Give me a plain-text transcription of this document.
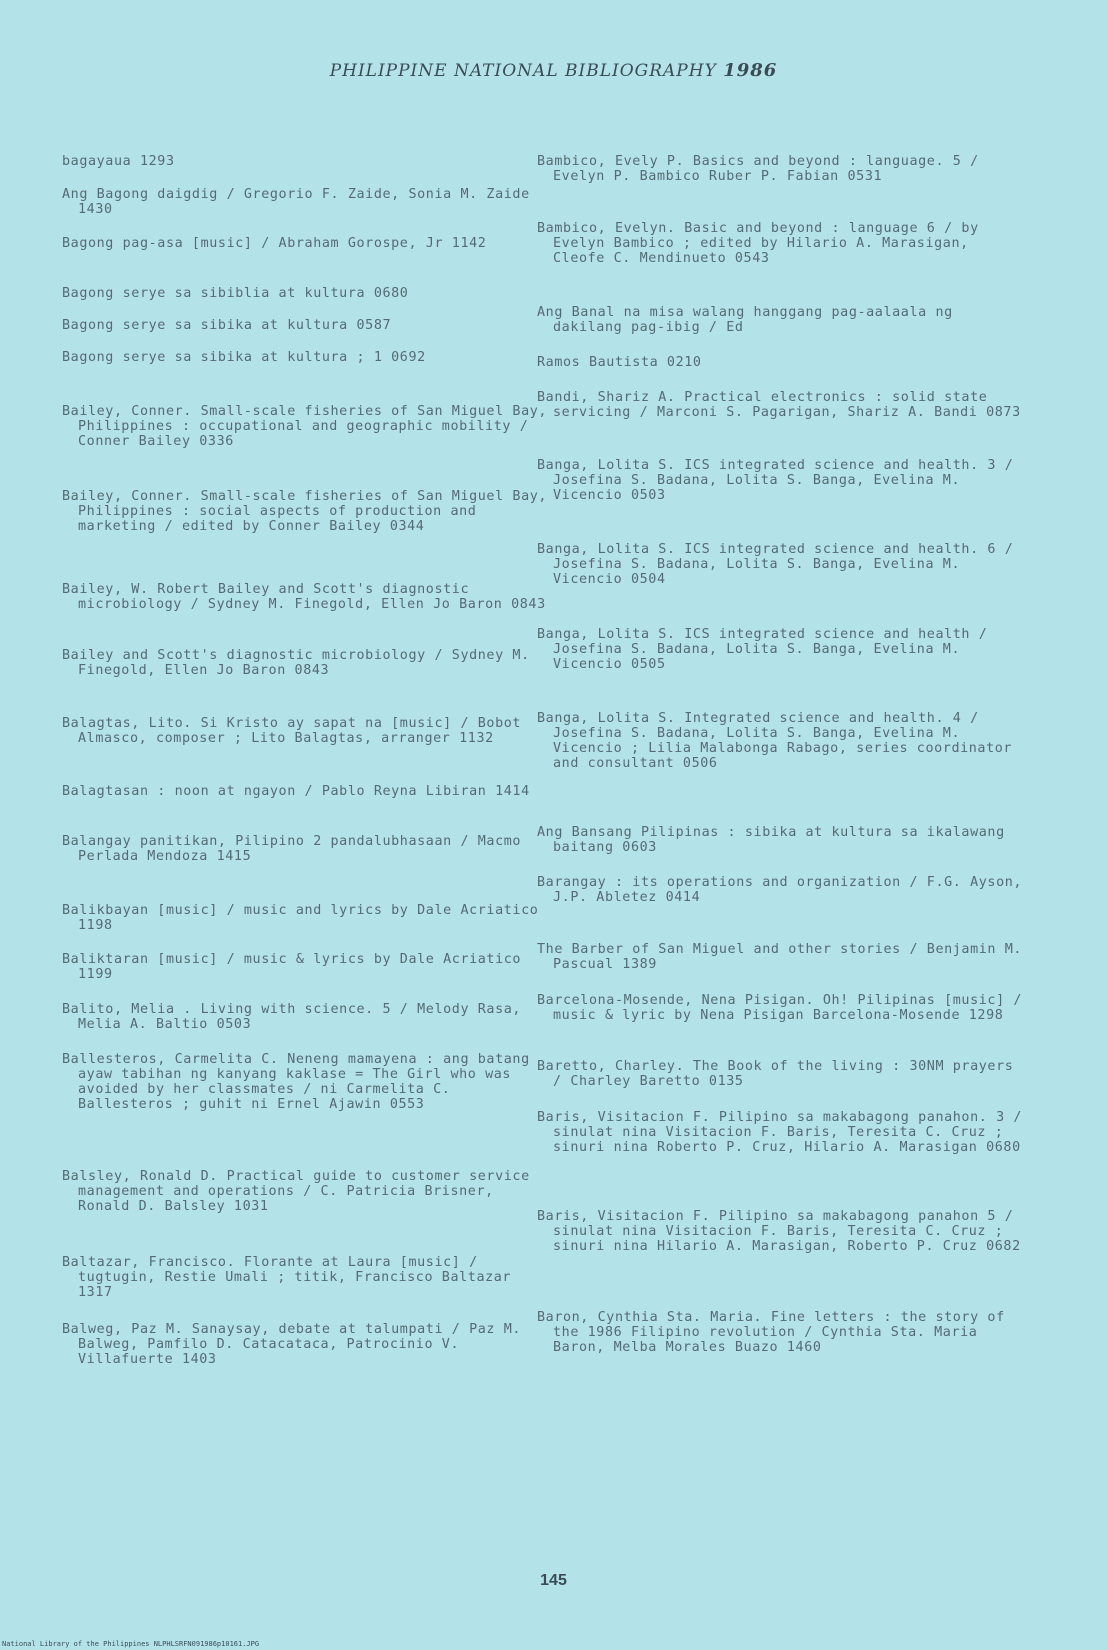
PHILIPPINE NATIONAL BIBLIOGRAPHY 1986
bagayaua 1293
Ang Bagong daigdig / Gregorio F. Zaide, Sonia M. Zaide 1430
Bagong pag-asa [music] / Abraham Gorospe, Jr 1142
Bagong serye sa sibiblia at kultura 0680
Bagong serye sa sibika at kultura 0587
Bagong serye sa sibika at kultura ; 1 0692
Bailey, Conner. Small-scale fisheries of San Miguel Bay, Philippines : occupational and geographic mobility / Conner Bailey 0336
Bailey, Conner. Small-scale fisheries of San Miguel Bay, Philippines : social aspects of production and marketing / edited by Conner Bailey 0344
Bailey, W. Robert Bailey and Scott's diagnostic microbiology / Sydney M. Finegold, Ellen Jo Baron 0843
Bailey and Scott's diagnostic microbiology / Sydney M. Finegold, Ellen Jo Baron 0843
Balagtas, Lito. Si Kristo ay sapat na [music] / Bobot Almasco, composer ; Lito Balagtas, arranger 1132
Balagtasan : noon at ngayon / Pablo Reyna Libiran 1414
Balangay panitikan, Pilipino 2 pandalubhasaan / Macmo Perlada Mendoza 1415
Balikbayan [music] / music and lyrics by Dale Acriatico 1198
Baliktaran [music] / music & lyrics by Dale Acriatico 1199
Balito, Melia . Living with science. 5 / Melody Rasa, Melia A. Baltio 0503
Ballesteros, Carmelita C. Neneng mamayena : ang batang ayaw tabihan ng kanyang kaklase = The Girl who was avoided by her classmates / ni Carmelita C. Ballesteros ; guhit ni Ernel Ajawin 0553
Balsley, Ronald D. Practical guide to customer service management and operations / C. Patricia Brisner, Ronald D. Balsley 1031
Baltazar, Francisco. Florante at Laura [music] / tugtugin, Restie Umali ; titik, Francisco Baltazar 1317
Balweg, Paz M. Sanaysay, debate at talumpati / Paz M. Balweg, Pamfilo D. Catacataca, Patrocinio V. Villafuerte 1403
Bambico, Evely P. Basics and beyond : language. 5 / Evelyn P. Bambico Ruber P. Fabian 0531
Bambico, Evelyn. Basic and beyond : language 6 / by Evelyn Bambico ; edited by Hilario A. Marasigan, Cleofe C. Mendinueto 0543
Ang Banal na misa walang hanggang pag-aalaala ng dakilang pag-ibig / Ed
Ramos Bautista 0210
Bandi, Shariz A. Practical electronics : solid state servicing / Marconi S. Pagarigan, Shariz A. Bandi 0873
Banga, Lolita S. ICS integrated science and health. 3 / Josefina S. Badana, Lolita S. Banga, Evelina M. Vicencio 0503
Banga, Lolita S. ICS integrated science and health. 6 / Josefina S. Badana, Lolita S. Banga, Evelina M. Vicencio 0504
Banga, Lolita S. ICS integrated science and health / Josefina S. Badana, Lolita S. Banga, Evelina M. Vicencio 0505
Banga, Lolita S. Integrated science and health. 4 / Josefina S. Badana, Lolita S. Banga, Evelina M. Vicencio ; Lilia Malabonga Rabago, series coordinator and consultant 0506
Ang Bansang Pilipinas : sibika at kultura sa ikalawang baitang 0603
Barangay : its operations and organization / F.G. Ayson, J.P. Abletez 0414
The Barber of San Miguel and other stories / Benjamin M. Pascual 1389
Barcelona-Mosende, Nena Pisigan. Oh! Pilipinas [music] / music & lyric by Nena Pisigan Barcelona-Mosende 1298
Baretto, Charley. The Book of the living : 30NM prayers / Charley Baretto 0135
Baris, Visitacion F. Pilipino sa makabagong panahon. 3 / sinulat nina Visitacion F. Baris, Teresita C. Cruz ; sinuri nina Roberto P. Cruz, Hilario A. Marasigan 0680
Baris, Visitacion F. Pilipino sa makabagong panahon 5 / sinulat nina Visitacion F. Baris, Teresita C. Cruz ; sinuri nina Hilario A. Marasigan, Roberto P. Cruz 0682
Baron, Cynthia Sta. Maria. Fine letters : the story of the 1986 Filipino revolution / Cynthia Sta. Maria Baron, Melba Morales Buazo 1460
145
National Library of the Philippines NLPHLSRFN091986p10161.JPG
